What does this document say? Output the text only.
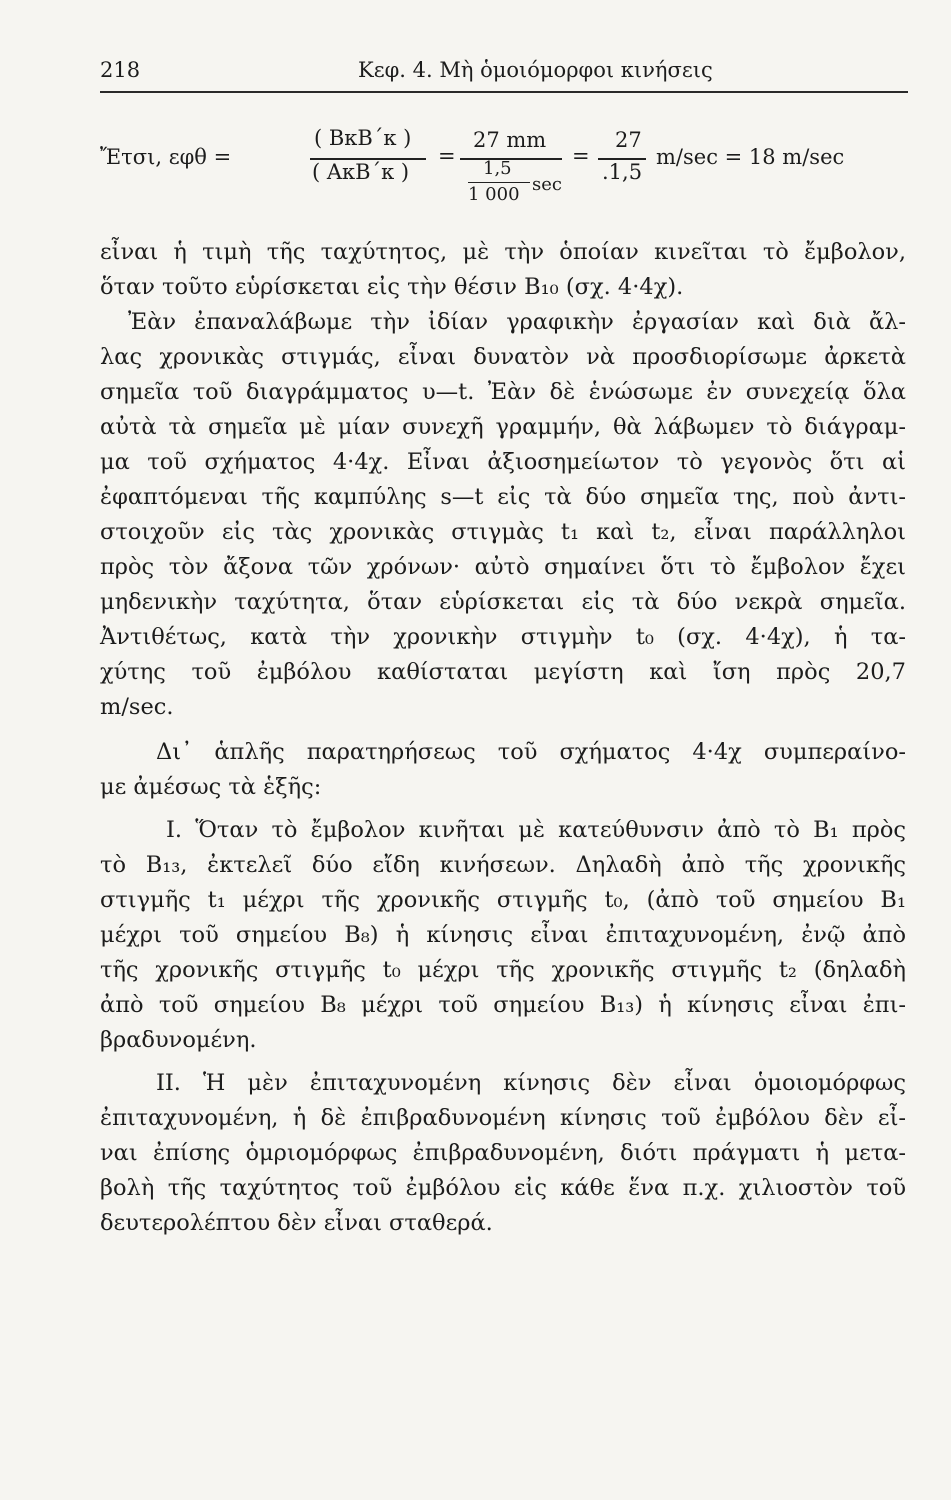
218	Κεφ. 4. Μὴ ὁμοιόμορφοι κινήσεις
Ἔτσι, εφθ =
( BκB΄κ )
( AκB΄κ )
=
27 mm
1,5
1 000 sec
=
27
.1,5
m/sec = 18 m/sec
εἶναι ἡ τιμὴ τῆς ταχύτητος, μὲ τὴν ὁποίαν κινεῖται τὸ ἔμβολον,
ὅταν τοῦτο εὑρίσκεται εἰς τὴν θέσιν B₁₀ (σχ. 4·4χ).
Ἐὰν ἐπαναλάβωμε τὴν ἰδίαν γραφικὴν ἐργασίαν καὶ διὰ ἄλ-
λας χρονικὰς στιγμάς, εἶναι δυνατὸν νὰ προσδιορίσωμε ἀρκετὰ
σημεῖα τοῦ διαγράμματος υ—t. Ἐὰν δὲ ἑνώσωμε ἐν συνεχείᾳ ὅλα
αὐτὰ τὰ σημεῖα μὲ μίαν συνεχῆ γραμμήν, θὰ λάβωμεν τὸ διάγραμ-
μα τοῦ σχήματος 4·4χ. Εἶναι ἀξιοσημείωτον τὸ γεγονὸς ὅτι αἱ
ἐφαπτόμεναι τῆς καμπύλης s—t εἰς τὰ δύο σημεῖα της, ποὺ ἀντι-
στοιχοῦν εἰς τὰς χρονικὰς στιγμὰς t₁ καὶ t₂, εἶναι παράλληλοι
πρὸς τὸν ἄξονα τῶν χρόνων· αὐτὸ σημαίνει ὅτι τὸ ἔμβολον ἔχει
μηδενικὴν ταχύτητα, ὅταν εὑρίσκεται εἰς τὰ δύο νεκρὰ σημεῖα.
Ἀντιθέτως, κατὰ τὴν χρονικὴν στιγμὴν t₀ (σχ. 4·4χ), ἡ τα-
χύτης τοῦ ἐμβόλου καθίσταται μεγίστη καὶ ἴση πρὸς 20,7
m/sec.
Δι᾽ ἁπλῆς παρατηρήσεως τοῦ σχήματος 4·4χ συμπεραίνο-
με ἀμέσως τὰ ἑξῆς:
I. Ὅταν τὸ ἔμβολον κινῆται μὲ κατεύθυνσιν ἀπὸ τὸ B₁ πρὸς
τὸ B₁₃, ἐκτελεῖ δύο εἴδη κινήσεων. Δηλαδὴ ἀπὸ τῆς χρονικῆς
στιγμῆς t₁ μέχρι τῆς χρονικῆς στιγμῆς t₀, (ἀπὸ τοῦ σημείου B₁
μέχρι τοῦ σημείου B₈) ἡ κίνησις εἶναι ἐπιταχυνομένη, ἐνῷ ἀπὸ
τῆς χρονικῆς στιγμῆς t₀ μέχρι τῆς χρονικῆς στιγμῆς t₂ (δηλαδὴ
ἀπὸ τοῦ σημείου B₈ μέχρι τοῦ σημείου B₁₃) ἡ κίνησις εἶναι ἐπι-
βραδυνομένη.
II. Ἡ μὲν ἐπιταχυνομένη κίνησις δὲν εἶναι ὁμοιομόρφως
ἐπιταχυνομένη, ἡ δὲ ἐπιβραδυνομένη κίνησις τοῦ ἐμβόλου δὲν εἶ-
ναι ἐπίσης ὁμριομόρφως ἐπιβραδυνομένη, διότι πράγματι ἡ μετα-
βολὴ τῆς ταχύτητος τοῦ ἐμβόλου εἰς κάθε ἕνα π.χ. χιλιοστὸν τοῦ
δευτερολέπτου δὲν εἶναι σταθερά.
